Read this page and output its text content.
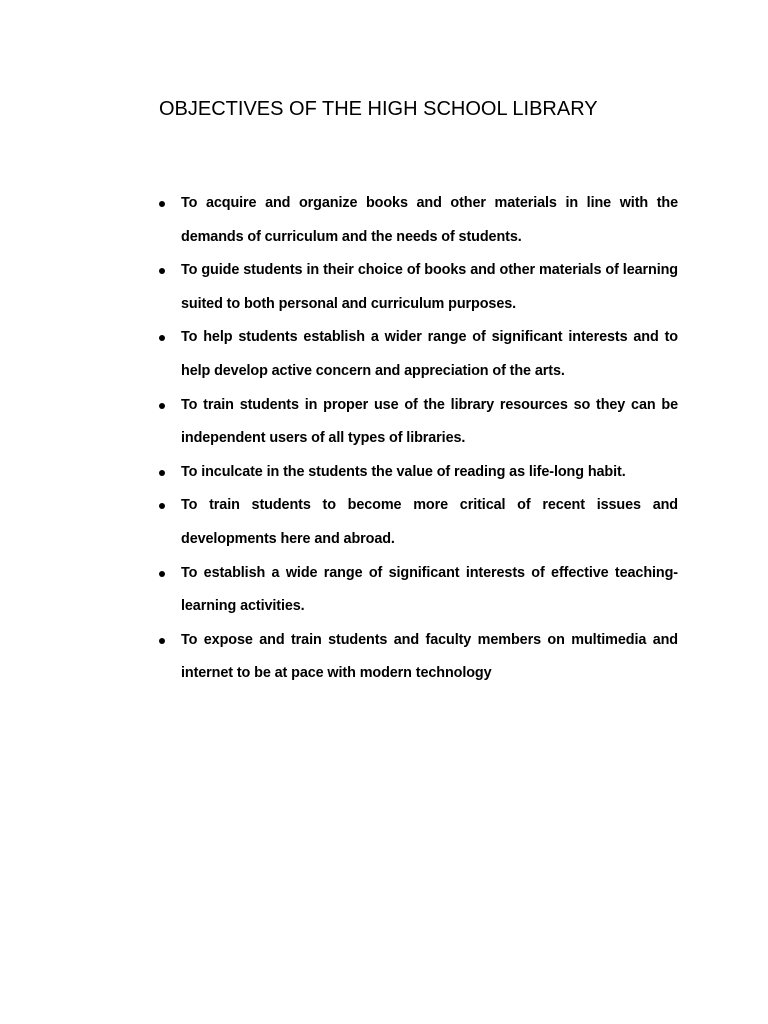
OBJECTIVES OF THE HIGH SCHOOL LIBRARY
To acquire and organize books and other materials in line with the demands of curriculum and the needs of students.
To guide students in their choice of books and other materials of learning suited to both personal and curriculum purposes.
To help students establish a wider range of significant interests and to help develop active concern and appreciation of the arts.
To train students in proper use of the library resources so they can be independent users of all types of libraries.
To inculcate in the students the value of reading as life-long habit.
To train students to become more critical of recent issues and developments here and abroad.
To establish a wide range of significant interests of effective teaching-learning activities.
To expose and train students and faculty members on multimedia and internet to be at pace with modern technology
